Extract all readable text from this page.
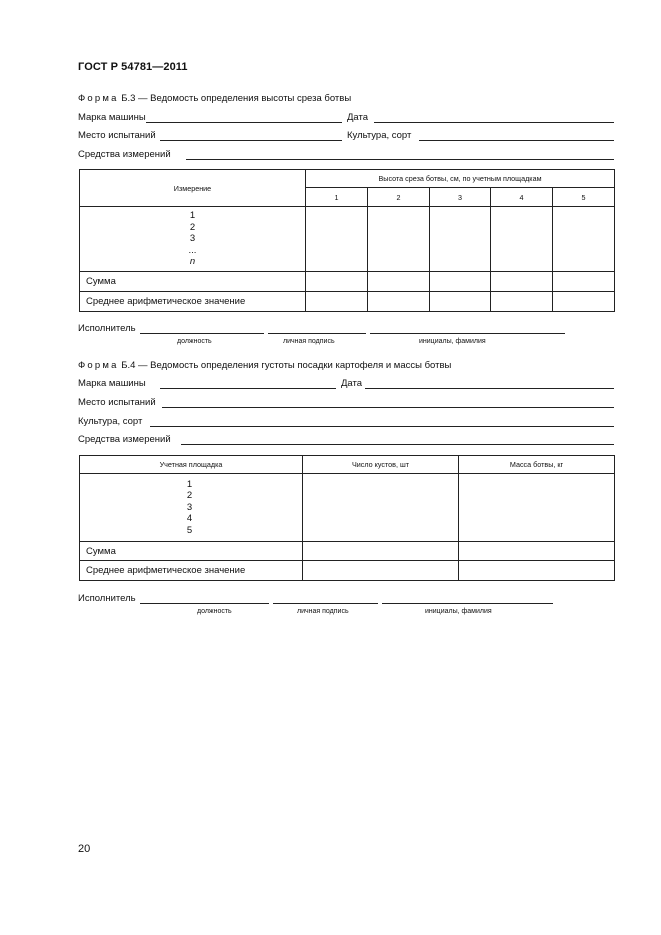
ГОСТ Р 54781—2011
Форма Б.3 — Ведомость определения высоты среза ботвы
Марка машины	Дата
Место испытаний	Культура, сорт
Средства измерений
Измерение	Высота среза ботвы, см, по учетным площадкам				
	1	2	3	4	5

1
2
3
...
n					

Сумма					
Среднее арифметическое значение					
Исполнитель
должность	личная подпись	инициалы, фамилия
Форма Б.4 — Ведомость определения густоты посадки картофеля и массы ботвы
Марка машины	Дата
Место испытаний
Культура, сорт
Средства измерений
Учетная площадка	Число кустов, шт	Масса ботвы, кг

1
2
3
4
5		

Сумма		
Среднее арифметическое значение		
Исполнитель
должность	личная подпись	инициалы, фамилия
20
